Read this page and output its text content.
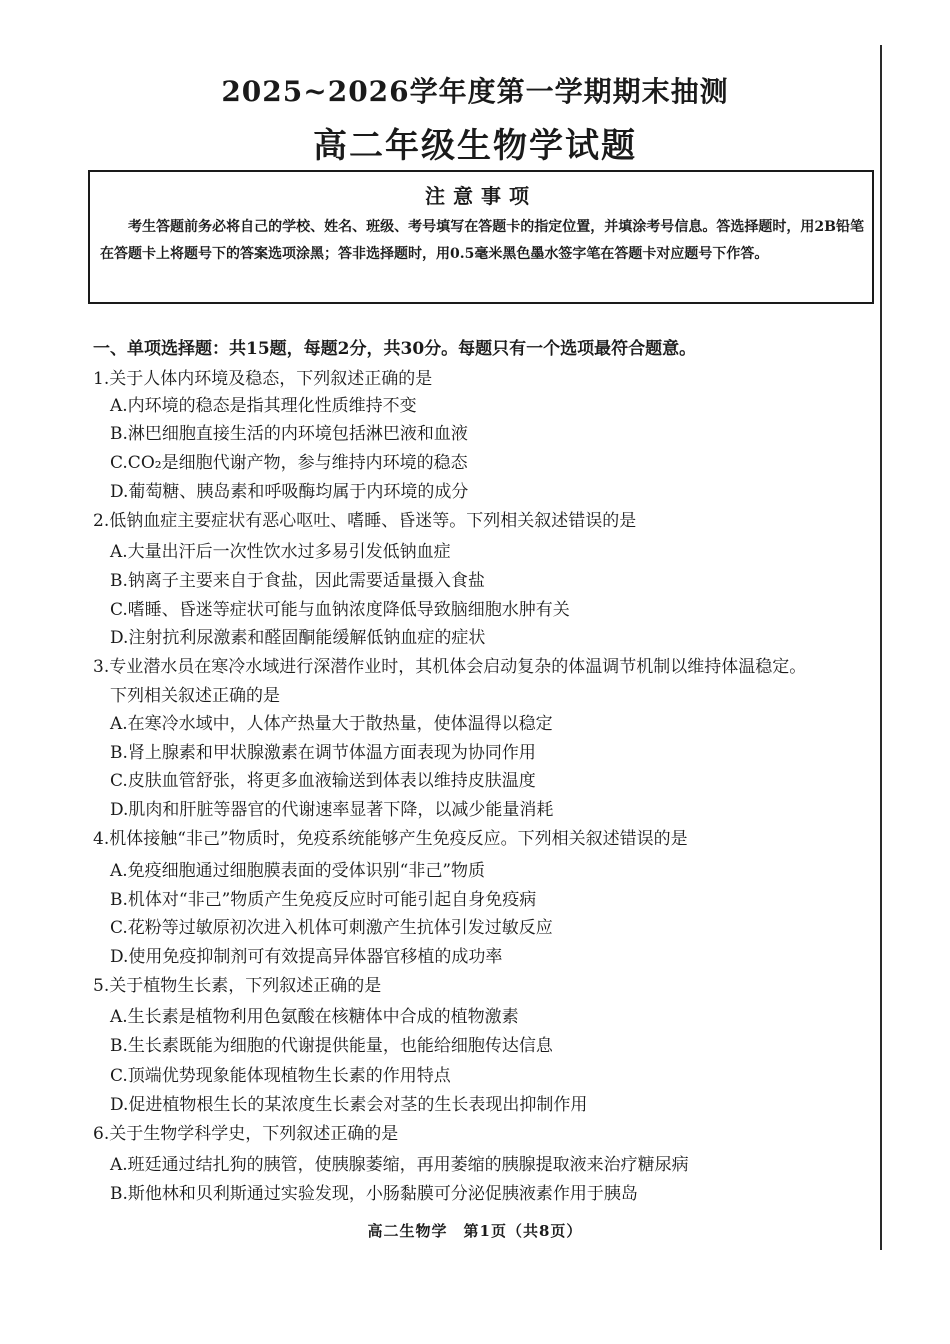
2025~2026学年度第一学期期末抽测
高二年级生物学试题
注意事项
考生答题前务必将自己的学校、姓名、班级、考号填写在答题卡的指定位置，并填涂考号信息。答选择题时，用2B铅笔在答题卡上将题号下的答案选项涂黑；答非选择题时，用0.5毫米黑色墨水签字笔在答题卡对应题号下作答。
一、单项选择题：共15题，每题2分，共30分。每题只有一个选项最符合题意。
1.关于人体内环境及稳态，下列叙述正确的是
A.内环境的稳态是指其理化性质维持不变
B.淋巴细胞直接生活的内环境包括淋巴液和血液
C.CO₂是细胞代谢产物，参与维持内环境的稳态
D.葡萄糖、胰岛素和呼吸酶均属于内环境的成分
2.低钠血症主要症状有恶心呕吐、嗜睡、昏迷等。下列相关叙述错误的是
A.大量出汗后一次性饮水过多易引发低钠血症
B.钠离子主要来自于食盐，因此需要适量摄入食盐
C.嗜睡、昏迷等症状可能与血钠浓度降低导致脑细胞水肿有关
D.注射抗利尿激素和醛固酮能缓解低钠血症的症状
3.专业潜水员在寒冷水域进行深潜作业时，其机体会启动复杂的体温调节机制以维持体温稳定。
下列相关叙述正确的是
A.在寒冷水域中，人体产热量大于散热量，使体温得以稳定
B.肾上腺素和甲状腺激素在调节体温方面表现为协同作用
C.皮肤血管舒张，将更多血液输送到体表以维持皮肤温度
D.肌肉和肝脏等器官的代谢速率显著下降，以减少能量消耗
4.机体接触“非己”物质时，免疫系统能够产生免疫反应。下列相关叙述错误的是
A.免疫细胞通过细胞膜表面的受体识别“非己”物质
B.机体对“非己”物质产生免疫反应时可能引起自身免疫病
C.花粉等过敏原初次进入机体可刺激产生抗体引发过敏反应
D.使用免疫抑制剂可有效提高异体器官移植的成功率
5.关于植物生长素，下列叙述正确的是
A.生长素是植物利用色氨酸在核糖体中合成的植物激素
B.生长素既能为细胞的代谢提供能量，也能给细胞传达信息
C.顶端优势现象能体现植物生长素的作用特点
D.促进植物根生长的某浓度生长素会对茎的生长表现出抑制作用
6.关于生物学科学史，下列叙述正确的是
A.班廷通过结扎狗的胰管，使胰腺萎缩，再用萎缩的胰腺提取液来治疗糖尿病
B.斯他林和贝利斯通过实验发现，小肠黏膜可分泌促胰液素作用于胰岛
高二生物学　第1页（共8页）
